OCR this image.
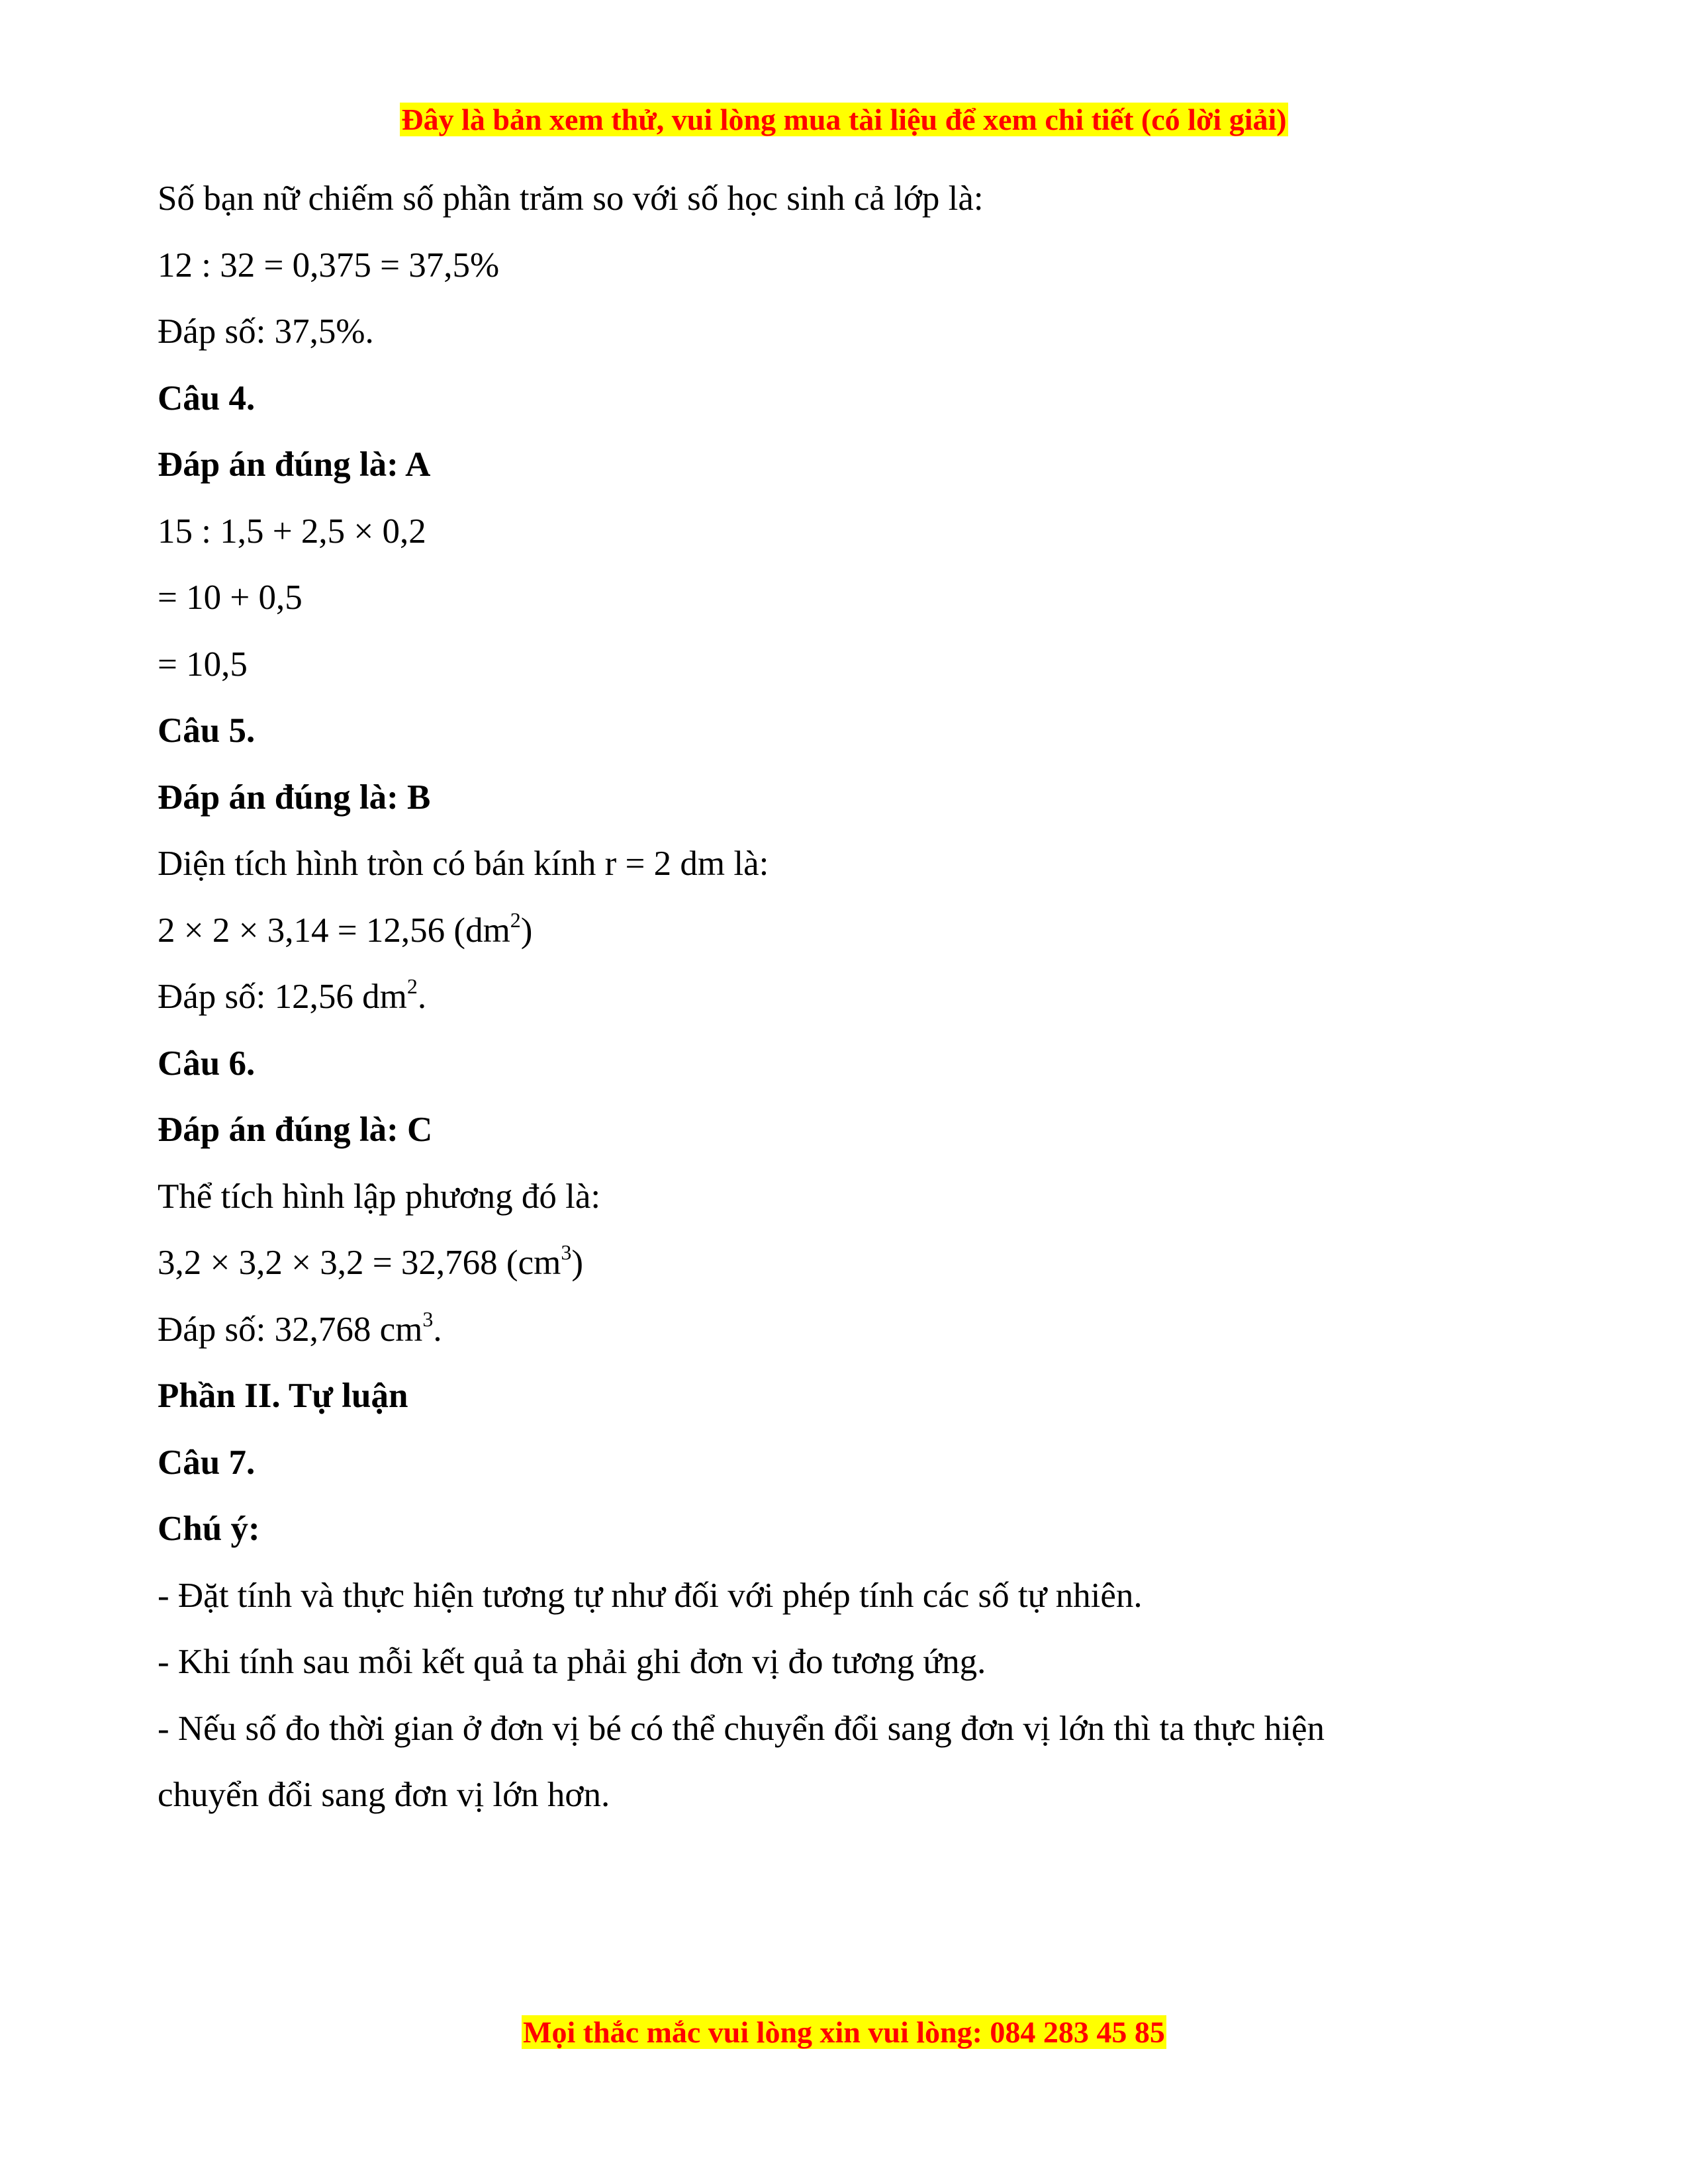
Đây là bản xem thử, vui lòng mua tài liệu để xem chi tiết (có lời giải)
Số bạn nữ chiếm số phần trăm so với số học sinh cả lớp là:
12 : 32 = 0,375 = 37,5%
Đáp số: 37,5%.
Câu 4.
Đáp án đúng là: A
15 : 1,5 + 2,5 × 0,2
= 10 + 0,5
= 10,5
Câu 5.
Đáp án đúng là: B
Diện tích hình tròn có bán kính r = 2 dm là:
2 × 2 × 3,14 = 12,56 $(dm^2)$
Đáp số: 12,56 $dm^2$.
Câu 6.
Đáp án đúng là: C
Thể tích hình lập phương đó là:
3,2 × 3,2 × 3,2 = 32,768 $(cm^3)$
Đáp số: 32,768 $cm^3$.
Phần II. Tự luận
Câu 7.
Chú ý:
- Đặt tính và thực hiện tương tự như đối với phép tính các số tự nhiên.
- Khi tính sau mỗi kết quả ta phải ghi đơn vị đo tương ứng.
- Nếu số đo thời gian ở đơn vị bé có thể chuyển đổi sang đơn vị lớn thì ta thực hiện
chuyển đổi sang đơn vị lớn hơn.
Mọi thắc mắc vui lòng xin vui lòng: 084 283 45 85
